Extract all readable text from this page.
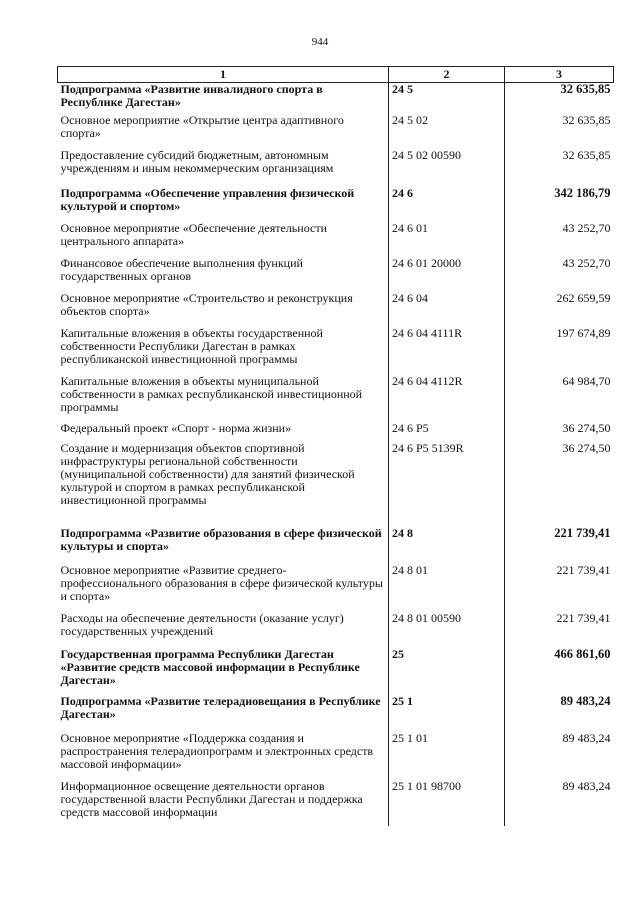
944
1	2	3
Подпрограмма «Развитие инвалидного спорта в Республике Дагестан»	24 5	32 635,85
Основное мероприятие «Открытие центра адаптивного спорта»	24 5 02	32 635,85
Предоставление субсидий бюджетным, автономным учреждениям и иным некоммерческим организациям	24 5 02 00590	32 635,85
Подпрограмма «Обеспечение управления физической культурой и спортом»	24 6	342 186,79
Основное мероприятие «Обеспечение деятельности центрального аппарата»	24 6 01	43 252,70
Финансовое обеспечение выполнения функций государственных органов	24 6 01 20000	43 252,70
Основное мероприятие «Строительство и реконструкция объектов спорта»	24 6 04	262 659,59
Капитальные вложения в объекты государственной собственности Республики Дагестан в рамках республиканской инвестиционной программы	24 6 04 4111R	197 674,89
Капитальные вложения в объекты муниципальной собственности в рамках республиканской инвестиционной программы	24 6 04 4112R	64 984,70
Федеральный проект «Спорт - норма жизни»	24 6 P5	36 274,50
Создание и модернизация объектов спортивной инфраструктуры региональной собственности (муниципальной собственности) для занятий физической культурой и спортом в рамках республиканской инвестиционной программы	24 6 P5 5139R	36 274,50
Подпрограмма «Развитие образования в сфере физической культуры и спорта»	24 8	221 739,41
Основное мероприятие «Развитие среднего-профессионального образования в сфере физической культуры и спорта»	24 8 01	221 739,41
Расходы на обеспечение деятельности (оказание услуг) государственных учреждений	24 8 01 00590	221 739,41
Государственная программа Республики Дагестан «Развитие средств массовой информации в Республике Дагестан»	25	466 861,60
Подпрограмма «Развитие телерадиовещания в Республике Дагестан»	25 1	89 483,24
Основное мероприятие «Поддержка создания и распространения телерадиопрограмм и электронных средств массовой информации»	25 1 01	89 483,24
Информационное освещение деятельности органов государственной власти Республики Дагестан и поддержка средств массовой информации	25 1 01 98700	89 483,24
